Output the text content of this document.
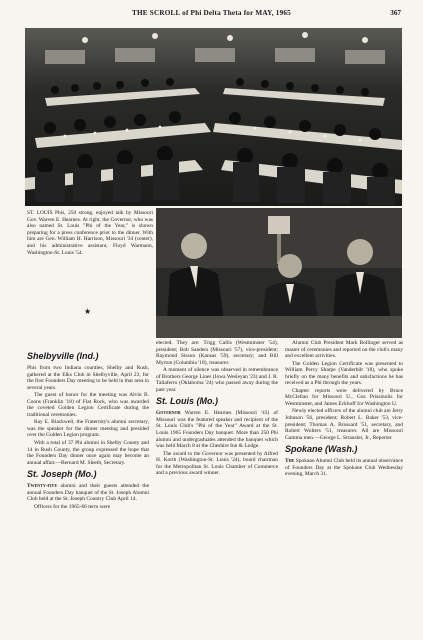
THE SCROLL of Phi Delta Theta for MAY, 1965	367
ST. LOUIS Phis, 250 strong, enjoyed talk by Missouri Gov. Warren E. Hearnes. At right, the Governor, who was also named St. Louis "Phi of the Year," is shown preparing for a press conference prior to the dinner. With him are Gen. William H. Harrison, Missouri '34 (center), and his administrative assistant, Floyd Warmann, Washington-St. Louis '54.
★
Shelbyville (Ind.)

Phis from two Indiana counties, Shelby and Rush, gathered at the Elks Club in Shelbyville, April 23, for the first Founders Day meeting to be held in that area in several years.

The guest of honor for the meeting was Alvin B. Coons (Franklin '18) of Flat Rock, who was awarded the coveted Golden Legion Certificate during the traditional ceremonies.

Ray E. Blackwell, the Fraternity's alumni secretary, was the speaker for the dinner meeting and presided over the Golden Legion program.

With a total of 37 Phi alumni in Shelby County and 14 in Rush County, the group expressed the hope that the Founders Day dinner once again may become an annual affair.—Bernard M. Sleeth, Secretary.

St. Joseph (Mo.)

Twenty-five alumni and their guests attended the annual Founders Day banquet of the St. Joseph Alumni Club held at the St. Joseph Country Club April 14.

Officers for the 1965-66 term were

elected. They are: Trigg Callis (Westminster '54), president; Bob Sanders (Missouri '57), vice-president; Raymond Sisson (Kansas '59), secretary; and Bill Myrton (Columbia '18), treasurer.

A moment of silence was observed in remembrance of Brothers George Lines (Iowa Wesleyan '23) and J. R. Taliaferro (Oklahoma '24) who passed away during the past year.

St. Louis (Mo.)

Governor Warren E. Hearnes (Missouri '43) of Missouri was the featured speaker and recipient of the St. Louis Club's "Phi of the Year" Award at the St. Louis 1965 Founders Day banquet. More than 250 Phi alumni and undergraduates attended the banquet which was held March 8 at the Cheshire Inn & Lodge.

The award to the Governor was presented by Alfred H. Korth (Washington-St. Louis '24), board chairman for the Metropolitan St. Louis Chamber of Commerce and a previous award winner.

Alumni Club President Mark Bollinger served as master of ceremonies and reported on the club's many and excellent activities.

The Golden Legion Certificate was presented to William Percy Sharpe (Vanderbilt '18), who spoke briefly on the many benefits and satisfactions he has received as a Phi through the years.

Chapter reports were delivered by Bruce McClellan for Missouri U., Gus Prissinolis for Westminster, and James Eckhoff for Washington U.

Newly elected officers of the alumni club are Jerry Johnson '56, president; Robert L. Baker '53, vice-president; Thomas A. Brossard '51, secretary, and Robert Wolters '51, treasurer. All are Missouri Gamma men.—George L. Strausler, Jr., Reporter.

Spokane (Wash.)

The Spokane Alumni Club held its annual observance of Founders Day at the Spokane Club Wednesday evening, March 31.
